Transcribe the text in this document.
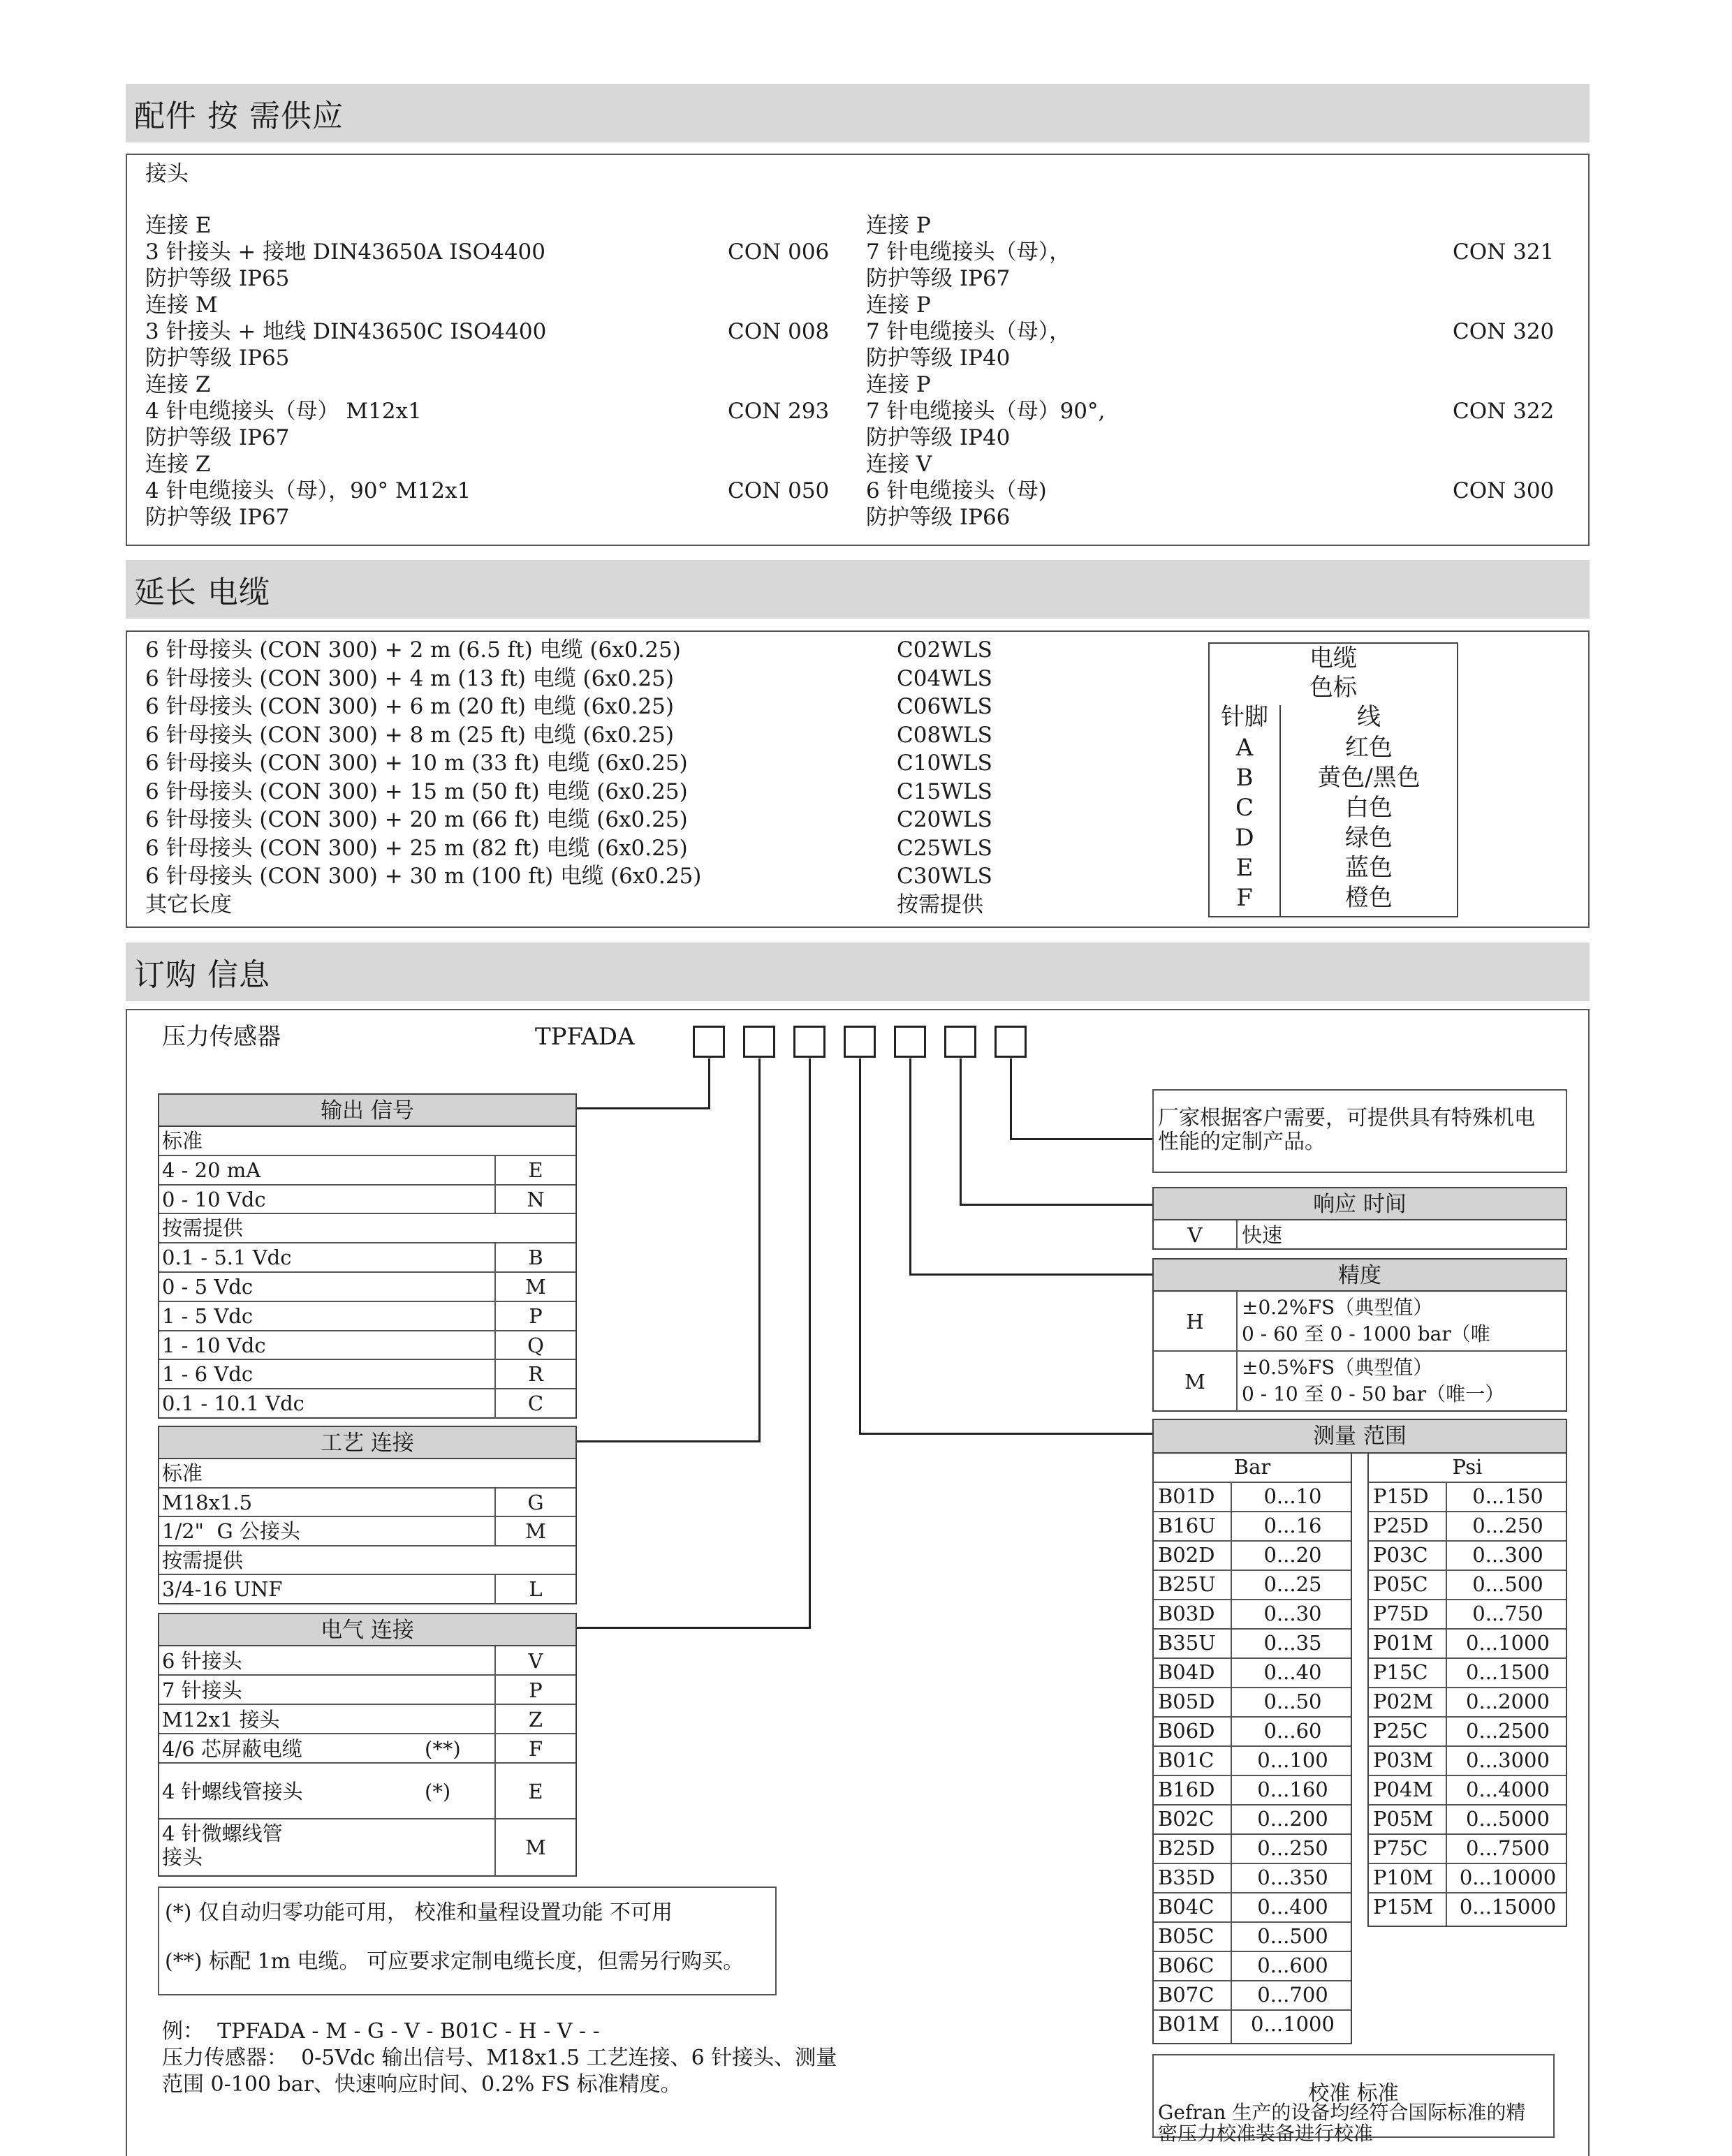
配件 按 需供应
接头
连接 E
3 针接头 + 接地 DIN43650A ISO4400
防护等级 IP65
CON 006
连接 M
3 针接头 + 地线 DIN43650C ISO4400
防护等级 IP65
CON 008
连接 Z
4 针电缆接头（母） M12x1
防护等级 IP67
CON 293
连接 Z
4 针电缆接头（母），90° M12x1
防护等级 IP67
CON 050
连接 P
7 针电缆接头（母），
防护等级 IP67
CON 321
连接 P
7 针电缆接头（母），
防护等级 IP40
CON 320
连接 P
7 针电缆接头（母）90°,
防护等级 IP40
CON 322
连接 V
6 针电缆接头（母)
防护等级 IP66
CON 300
延长 电缆
6 针母接头 (CON 300) + 2 m (6.5 ft) 电缆 (6x0.25)	C02WLS
6 针母接头 (CON 300) + 4 m (13 ft) 电缆 (6x0.25)	C04WLS
6 针母接头 (CON 300) + 6 m (20 ft) 电缆 (6x0.25)	C06WLS
6 针母接头 (CON 300) + 8 m (25 ft) 电缆 (6x0.25)	C08WLS
6 针母接头 (CON 300) + 10 m (33 ft) 电缆 (6x0.25)	C10WLS
6 针母接头 (CON 300) + 15 m (50 ft) 电缆 (6x0.25)	C15WLS
6 针母接头 (CON 300) + 20 m (66 ft) 电缆 (6x0.25)	C20WLS
6 针母接头 (CON 300) + 25 m (82 ft) 电缆 (6x0.25)	C25WLS
6 针母接头 (CON 300) + 30 m (100 ft) 电缆 (6x0.25)	C30WLS
其它长度	按需提供
电缆
色标
针脚	线
A	红色
B	黄色/黑色
C	白色
D	绿色
E	蓝色
F	橙色
订购 信息
压力传感器	TPFADA
输出 信号
标准
4 - 20 mA	E
0 - 10 Vdc	N
按需提供
0.1 - 5.1 Vdc	B
0 - 5 Vdc	M
1 - 5 Vdc	P
1 - 10 Vdc	Q
1 - 6 Vdc	R
0.1 - 10.1 Vdc	C
工艺 连接
标准
M18x1.5	G
1/2"  G 公接头	M
按需提供
3/4-16 UNF	L
电气 连接
6 针接头	V
7 针接头	P
M12x1 接头	Z
4/6 芯屏蔽电缆	(**)	F
4 针螺线管接头	(*)	E
4 针微螺线管
接头	M
(*) 仅自动归零功能可用， 校准和量程设置功能 不可用
(**) 标配 1m 电缆。 可应要求定制电缆长度，但需另行购买。
例：  TPFADA - M - G - V - B01C - H - V - -
压力传感器：  0-5Vdc 输出信号、M18x1.5 工艺连接、6 针接头、测量
范围 0-100 bar、快速响应时间、0.2% FS 标准精度。
厂家根据客户需要，可提供具有特殊机电
性能的定制产品。
响应 时间
V	快速
精度
H
±0.2%FS（典型值）
0 - 60 至 0 - 1000 bar（唯
M
±0.5%FS（典型值）
0 - 10 至 0 - 50 bar（唯一）
测量 范围
Bar
B01D	0...10
B16U	0...16
B02D	0...20
B25U	0...25
B03D	0...30
B35U	0...35
B04D	0...40
B05D	0...50
B06D	0...60
B01C	0...100
B16D	0...160
B02C	0...200
B25D	0...250
B35D	0...350
B04C	0...400
B05C	0...500
B06C	0...600
B07C	0...700
B01M	0...1000
Psi
P15D	0...150
P25D	0...250
P03C	0...300
P05C	0...500
P75D	0...750
P01M	0...1000
P15C	0...1500
P02M	0...2000
P25C	0...2500
P03M	0...3000
P04M	0...4000
P05M	0...5000
P75C	0...7500
P10M	0...10000
P15M	0...15000
校准 标准
Gefran 生产的设备均经符合国际标准的精
密压力校准装备进行校准
